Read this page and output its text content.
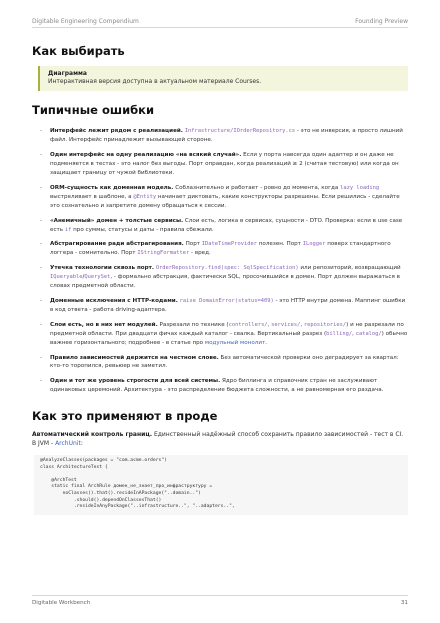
Digitable Engineering Compendium	Founding Preview
Как выбирать
Диаграмма
Интерактивная версия доступна в актуальном материале Courses.
Типичные ошибки
- Интерфейс лежит рядом с реализацией. Infrastructure/IOrderRepository.cs - это не инверсия, а просто лишний файл. Интерфейс принадлежит вызывающей стороне.
- Один интерфейс на одну реализацию «на всякий случай». Если у порта навсегда один адаптер и он даже не подменяется в тестах - это налог без выгоды. Порт оправдан, когда реализаций ≥ 2 (считая тестовую) или когда он защищает границу от чужой библиотеки.
- ORM-сущность как доменная модель. Соблазнительно и работает - ровно до момента, когда lazy loading выстреливает в шаблоне, а @Entity начинает диктовать, какие конструкторы разрешены. Если решились - сделайте это сознательно и запретите домену обращаться к сессии.
- «Анемичный» домен + толстые сервисы. Слои есть, логика в сервисах, сущности - DTO. Проверка: если в use case есть if про суммы, статусы и даты - правила сбежали.
- Абстрагирование ради абстрагирования. Порт IDateTimeProvider полезен. Порт ILogger поверх стандартного логгера - сомнительно. Порт IStringFormatter - вред.
- Утечка технологии сквозь порт. OrderRepository.find(spec: SqlSpecification) или репозиторий, возвращающий IQueryable/QuerySet, - формально абстракция, фактически SQL, просочившийся в домен. Порт должен выражаться в словах предметной области.
- Доменные исключения с HTTP-кодами. raise DomainError(status=409) - это HTTP внутри домена. Маппинг ошибки в код ответа - работа driving-адаптера.
- Слои есть, но в них нет модулей. Разрезали по технике (controllers/, services/, repositories/) и не разрезали по предметной области. При двадцати фичах каждый каталог - свалка. Вертикальный разрез (billing/, catalog/) обычно важнее горизонтального; подробнее - в статье про модульный монолит.
- Правило зависимостей держится на честном слове. Без автоматической проверки оно деградирует за квартал: кто-то торопился, ревьюер не заметил.
- Один и тот же уровень строгости для всей системы. Ядро биллинга и справочник стран не заслуживают одинаковых церемоний. Архитектура - это распределение бюджета сложности, а не равномерная его раздача.
Как это применяют в проде
Автоматический контроль границ. Единственный надёжный способ сохранить правило зависимостей - тест в CI. В JVM - ArchUnit:
@AnalyzeClasses(packages = "com.acme.orders")
class ArchitectureTest {

@ArchTest
static final ArchRule домен_не_знает_про_инфраструктуру =
noClasses().that().resideInAPackage("..domain..")
.should().dependOnClassesThat()
.resideInAnyPackage("..infrastructure..", "..adapters..",
Digitable Workbench	31
